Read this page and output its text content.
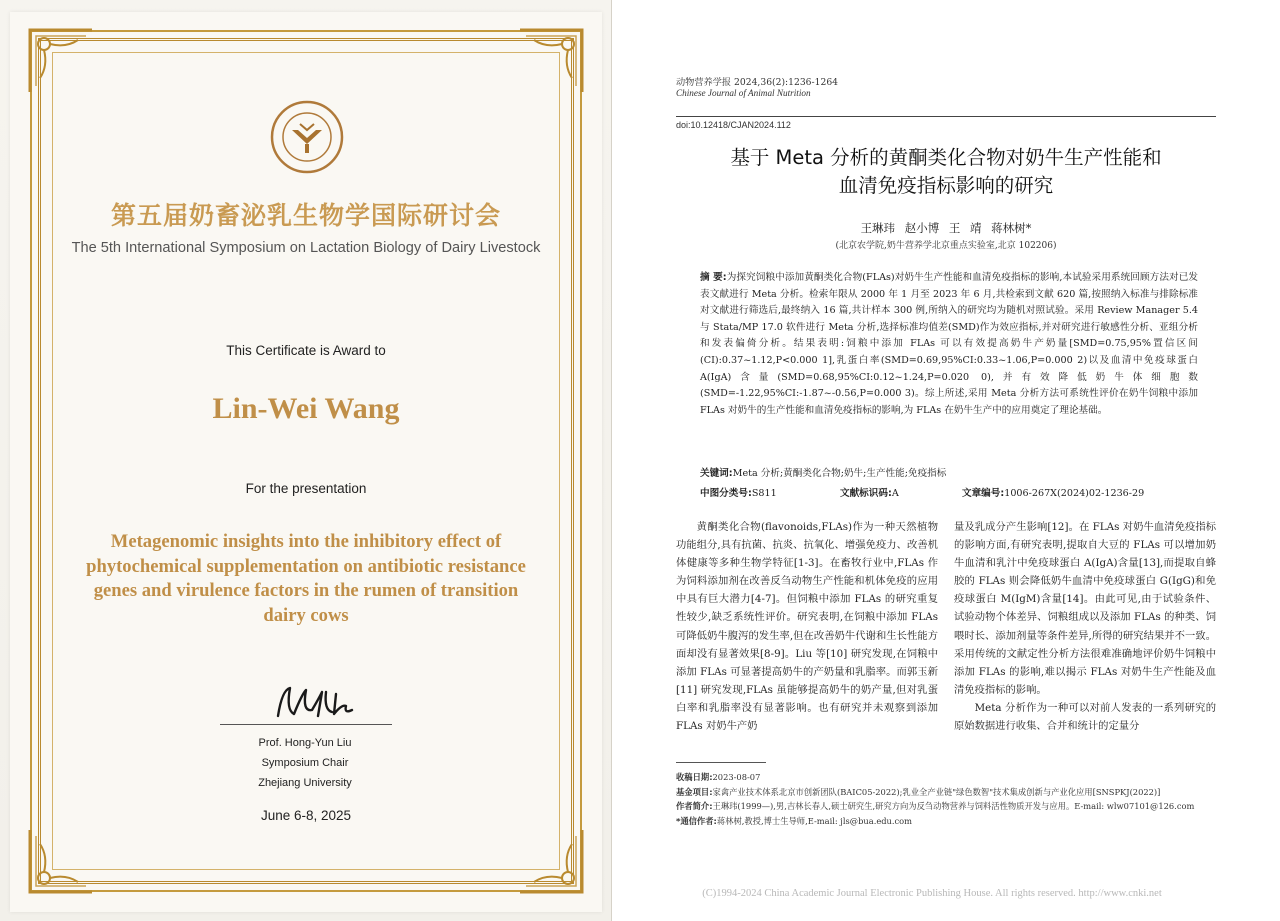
第五届奶畜泌乳生物学国际研讨会
The 5th International Symposium on Lactation Biology of Dairy Livestock
This Certificate is Award to
Lin-Wei Wang
For the presentation
Metagenomic insights into the inhibitory effect of
phytochemical supplementation on antibiotic resistance
genes and virulence factors in the rumen of transition
dairy cows
Prof. Hong-Yun Liu
Symposium Chair
Zhejiang University
June 6-8, 2025
动物营养学报 2024,36(2):1236-1264
Chinese Journal of Animal Nutrition
doi:10.12418/CJAN2024.112
基于 Meta 分析的黄酮类化合物对奶牛生产性能和
血清免疫指标影响的研究
王琳玮 赵小博 王 靖 蒋林树*
(北京农学院,奶牛营养学北京重点实验室,北京 102206)
摘 要:为探究饲粮中添加黄酮类化合物(FLAs)对奶牛生产性能和血清免疫指标的影响,本试验采用系统回顾方法对已发表文献进行 Meta 分析。检索年限从 2000 年 1 月至 2023 年 6 月,共检索到文献 620 篇,按照纳入标准与排除标准对文献进行筛选后,最终纳入 16 篇,共计样本 300 例,所纳入的研究均为随机对照试验。采用 Review Manager 5.4 与 Stata/MP 17.0 软件进行 Meta 分析,选择标准均值差(SMD)作为效应指标,并对研究进行敏感性分析、亚组分析和发表偏倚分析。结果表明:饲粮中添加 FLAs 可以有效提高奶牛产奶量[SMD=0.75,95%置信区间(CI):0.37~1.12,P<0.000 1],乳蛋白率(SMD=0.69,95%CI:0.33~1.06,P=0.000 2)以及血清中免疫球蛋白 A(IgA)含量(SMD=0.68,95%CI:0.12~1.24,P=0.020 0),并有效降低奶牛体细胞数(SMD=-1.22,95%CI:-1.87~-0.56,P=0.000 3)。综上所述,采用 Meta 分析方法可系统性评价在奶牛饲粮中添加 FLAs 对奶牛的生产性能和血清免疫指标的影响,为 FLAs 在奶牛生产中的应用奠定了理论基础。
关键词:Meta 分析;黄酮类化合物;奶牛;生产性能;免疫指标
中图分类号:S811	文献标识码:A	文章编号:1006-267X(2024)02-1236-29

黄酮类化合物(flavonoids,FLAs)作为一种天然植物功能组分,具有抗菌、抗炎、抗氧化、增强免疫力、改善机体健康等多种生物学特征[1-3]。在畜牧行业中,FLAs 作为饲料添加剂在改善反刍动物生产性能和机体免疫的应用中具有巨大潜力[4-7]。但饲粮中添加 FLAs 的研究重复性较少,缺乏系统性评价。研究表明,在饲粮中添加 FLAs 可降低奶牛腹泻的发生率,但在改善奶牛代谢和生长性能方面却没有显著效果[8-9]。Liu 等[10] 研究发现,在饲粮中添加 FLAs 可显著提高奶牛的产奶量和乳脂率。而郭玉新[11] 研究发现,FLAs 虽能够提高奶牛的奶产量,但对乳蛋白率和乳脂率没有显著影响。也有研究并未观察到添加 FLAs 对奶牛产奶

量及乳成分产生影响[12]。在 FLAs 对奶牛血清免疫指标的影响方面,有研究表明,提取自大豆的 FLAs 可以增加奶牛血清和乳汁中免疫球蛋白 A(IgA)含量[13],而提取自蜂胶的 FLAs 则会降低奶牛血清中免疫球蛋白 G(IgG)和免疫球蛋白 M(IgM)含量[14]。由此可见,由于试验条件、试验动物个体差异、饲粮组成以及添加 FLAs 的种类、饲喂时长、添加剂量等条件差异,所得的研究结果并不一致。采用传统的文献定性分析方法很难准确地评价奶牛饲粮中添加 FLAs 的影响,难以揭示 FLAs 对奶牛生产性能及血清免疫指标的影响。

Meta 分析作为一种可以对前人发表的一系列研究的原始数据进行收集、合并和统计的定量分

收稿日期:2023-08-07
基金项目:家禽产业技术体系北京市创新团队(BAIC05-2022);乳业全产业链"绿色数智"技术集成创新与产业化应用[SNSPKJ(2022)]
作者简介:王琳玮(1999—),男,吉林长春人,硕士研究生,研究方向为反刍动物营养与饲料活性物质开发与应用。E-mail: wlw07101@126.com
*通信作者:蒋林树,教授,博士生导师,E-mail: jls@bua.edu.com
(C)1994-2024 China Academic Journal Electronic Publishing House. All rights reserved. http://www.cnki.net
